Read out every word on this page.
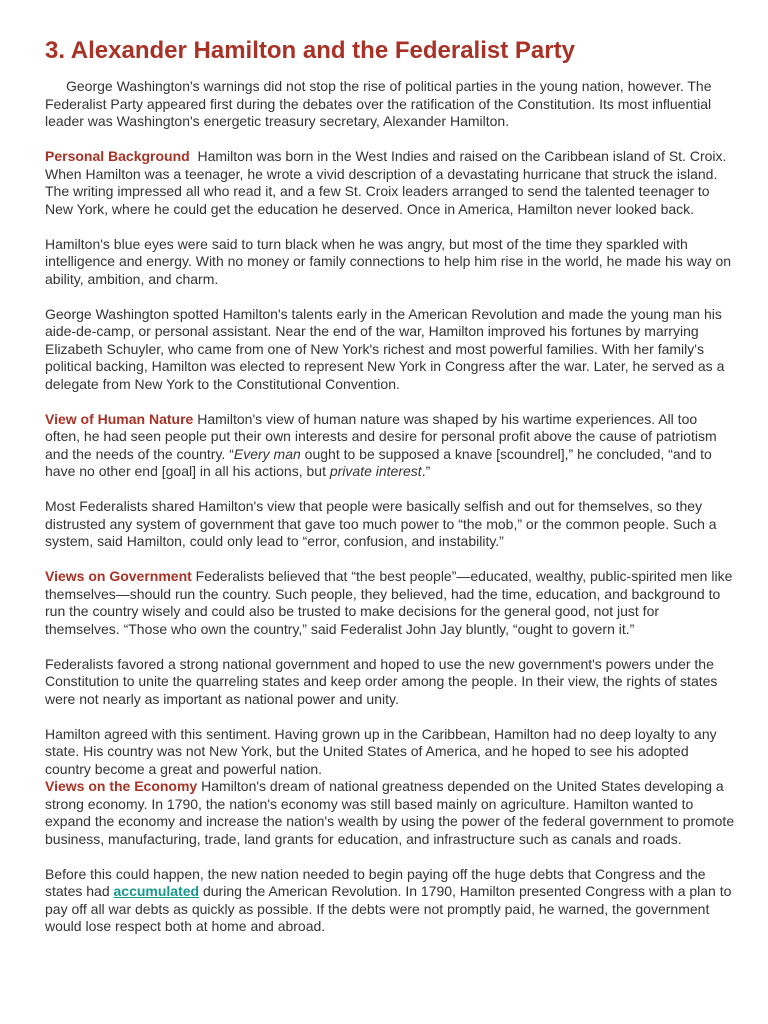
3. Alexander Hamilton and the Federalist Party

George Washington's warnings did not stop the rise of political parties in the young nation, however. The Federalist Party appeared first during the debates over the ratification of the Constitution. Its most influential leader was Washington's energetic treasury secretary, Alexander Hamilton.

Personal Background Hamilton was born in the West Indies and raised on the Caribbean island of St. Croix. When Hamilton was a teenager, he wrote a vivid description of a devastating hurricane that struck the island. The writing impressed all who read it, and a few St. Croix leaders arranged to send the talented teenager to New York, where he could get the education he deserved. Once in America, Hamilton never looked back.

Hamilton's blue eyes were said to turn black when he was angry, but most of the time they sparkled with intelligence and energy. With no money or family connections to help him rise in the world, he made his way on ability, ambition, and charm.

George Washington spotted Hamilton's talents early in the American Revolution and made the young man his aide-de-camp, or personal assistant. Near the end of the war, Hamilton improved his fortunes by marrying Elizabeth Schuyler, who came from one of New York's richest and most powerful families. With her family's political backing, Hamilton was elected to represent New York in Congress after the war. Later, he served as a delegate from New York to the Constitutional Convention.

View of Human Nature Hamilton's view of human nature was shaped by his wartime experiences. All too often, he had seen people put their own interests and desire for personal profit above the cause of patriotism and the needs of the country. “Every man ought to be supposed a knave [scoundrel],” he concluded, “and to have no other end [goal] in all his actions, but private interest.”

Most Federalists shared Hamilton's view that people were basically selfish and out for themselves, so they distrusted any system of government that gave too much power to “the mob,” or the common people. Such a system, said Hamilton, could only lead to “error, confusion, and instability.”

Views on Government Federalists believed that “the best people”—educated, wealthy, public-spirited men like themselves—should run the country. Such people, they believed, had the time, education, and background to run the country wisely and could also be trusted to make decisions for the general good, not just for themselves. “Those who own the country,” said Federalist John Jay bluntly, “ought to govern it.”

Federalists favored a strong national government and hoped to use the new government's powers under the Constitution to unite the quarreling states and keep order among the people. In their view, the rights of states were not nearly as important as national power and unity.

Hamilton agreed with this sentiment. Having grown up in the Caribbean, Hamilton had no deep loyalty to any state. His country was not New York, but the United States of America, and he hoped to see his adopted country become a great and powerful nation.

Views on the Economy Hamilton's dream of national greatness depended on the United States developing a strong economy. In 1790, the nation's economy was still based mainly on agriculture. Hamilton wanted to expand the economy and increase the nation's wealth by using the power of the federal government to promote business, manufacturing, trade, land grants for education, and infrastructure such as canals and roads.

Before this could happen, the new nation needed to begin paying off the huge debts that Congress and the states had accumulated during the American Revolution. In 1790, Hamilton presented Congress with a plan to pay off all war debts as quickly as possible. If the debts were not promptly paid, he warned, the government would lose respect both at home and abroad.
